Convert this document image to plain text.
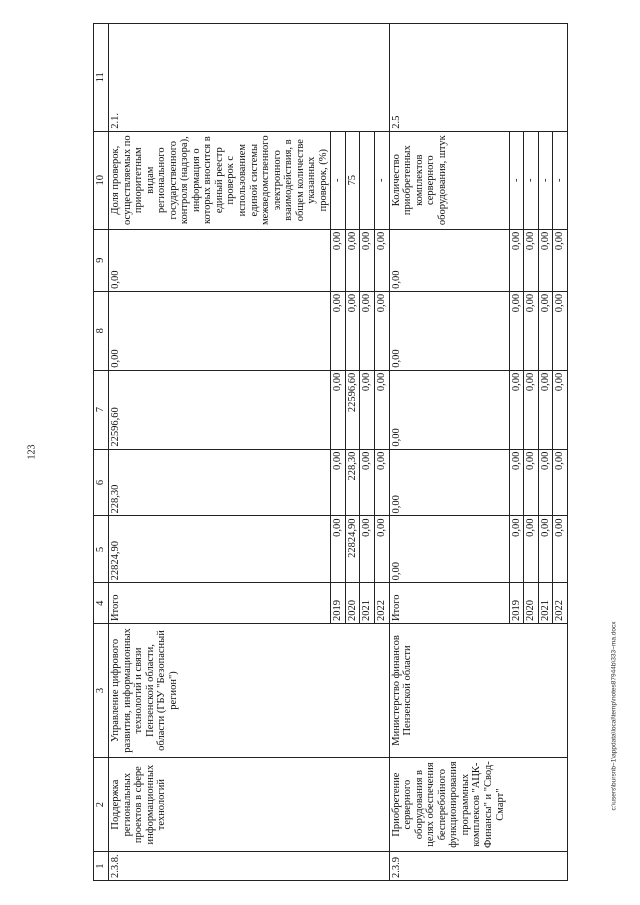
123
c:\users\bursnb~1\appdata\local\temp\notes87944b\333~ma.docx
1	2	3	4	5	6	7	8	9	10	11
2.3.8.	Поддержка региональных проектов в сфере информационных технологий	Управление цифрового развития, информационных технологий и связи Пензенской области, области (ГБУ "Безопасный регион")	Итого	22824,90	228,30	22596,60	0,00	0,00	Доля проверок, осуществляемых по приоритетным видам регионального государственного контроля (надзора), информация о которых вносится в единый реестр проверок с использованием единой системы межведомственного электронного взаимодействия, в общем количестве указанных проверок, (%)	2.1.
			2019	0,00	0,00	0,00	0,00	0,00	-	
			2020	22824,90	228,30	22596,60	0,00	0,00	75	
			2021	0,00	0,00	0,00	0,00	0,00		
			2022	0,00	0,00	0,00	0,00	0,00	-	
2.3.9	Приобретение серверного оборудования в целях обеспечения бесперебойного функционирования программных комплексов "АЦК-Финансы" и "Свод-Смарт"	Министерство финансов Пензенской области	Итого	0,00	0,00	0,00	0,00	0,00	Количество приобретенных комплектов серверного оборудования, штук	2.5
			2019	0,00	0,00	0,00	0,00	0,00	-	
			2020	0,00	0,00	0,00	0,00	0,00	-	
			2021	0,00	0,00	0,00	0,00	0,00	-	
			2022	0,00	0,00	0,00	0,00	0,00	-	
